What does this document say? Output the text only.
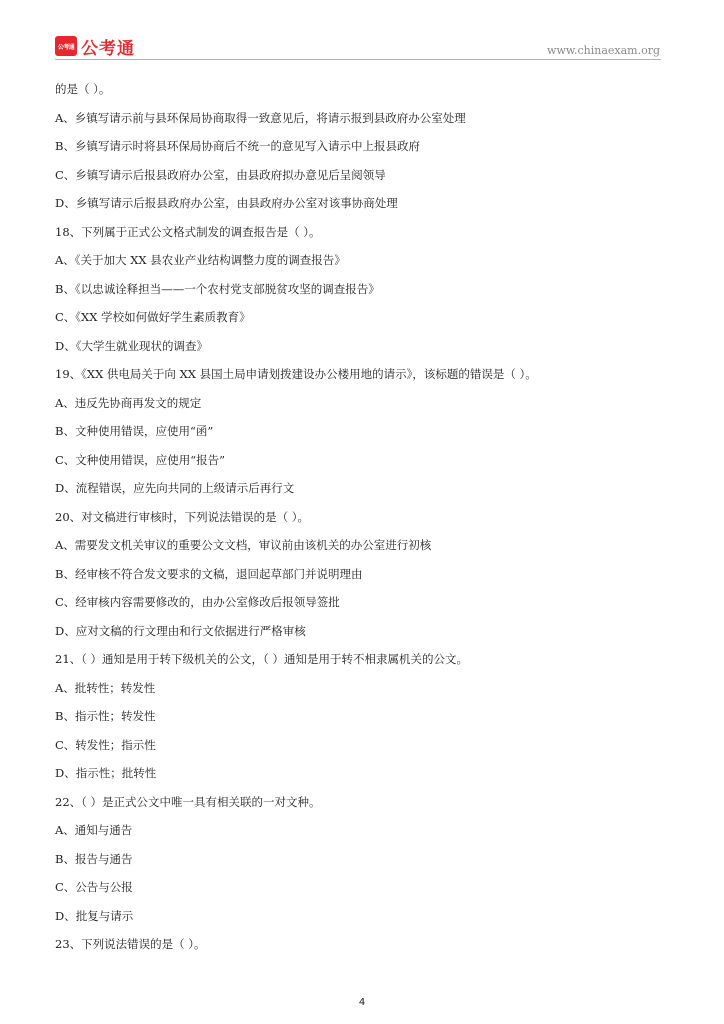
公考通 公考通	www.chinaexam.org
的是（ ）。
A、乡镇写请示前与县环保局协商取得一致意见后，将请示报到县政府办公室处理
B、乡镇写请示时将县环保局协商后不统一的意见写入请示中上报县政府
C、乡镇写请示后报县政府办公室，由县政府拟办意见后呈阅领导
D、乡镇写请示后报县政府办公室，由县政府办公室对该事协商处理
18、下列属于正式公文格式制发的调查报告是（ ）。
A、《关于加大 XX 县农业产业结构调整力度的调查报告》
B、《以忠诚诠释担当——一个农村党支部脱贫攻坚的调查报告》
C、《XX 学校如何做好学生素质教育》
D、《大学生就业现状的调查》
19、《XX 供电局关于向 XX 县国土局申请划拨建设办公楼用地的请示》，该标题的错误是（ ）。
A、违反先协商再发文的规定
B、文种使用错误，应使用“函”
C、文种使用错误，应使用“报告”
D、流程错误，应先向共同的上级请示后再行文
20、对文稿进行审核时，下列说法错误的是（ ）。
A、需要发文机关审议的重要公文文档，审议前由该机关的办公室进行初核
B、经审核不符合发文要求的文稿，退回起草部门并说明理由
C、经审核内容需要修改的，由办公室修改后报领导签批
D、应对文稿的行文理由和行文依据进行严格审核
21、（ ）通知是用于转下级机关的公文，（ ）通知是用于转不相隶属机关的公文。
A、批转性；转发性
B、指示性；转发性
C、转发性；指示性
D、指示性；批转性
22、（ ）是正式公文中唯一具有相关联的一对文种。
A、通知与通告
B、报告与通告
C、公告与公报
D、批复与请示
23、下列说法错误的是（ ）。
4
